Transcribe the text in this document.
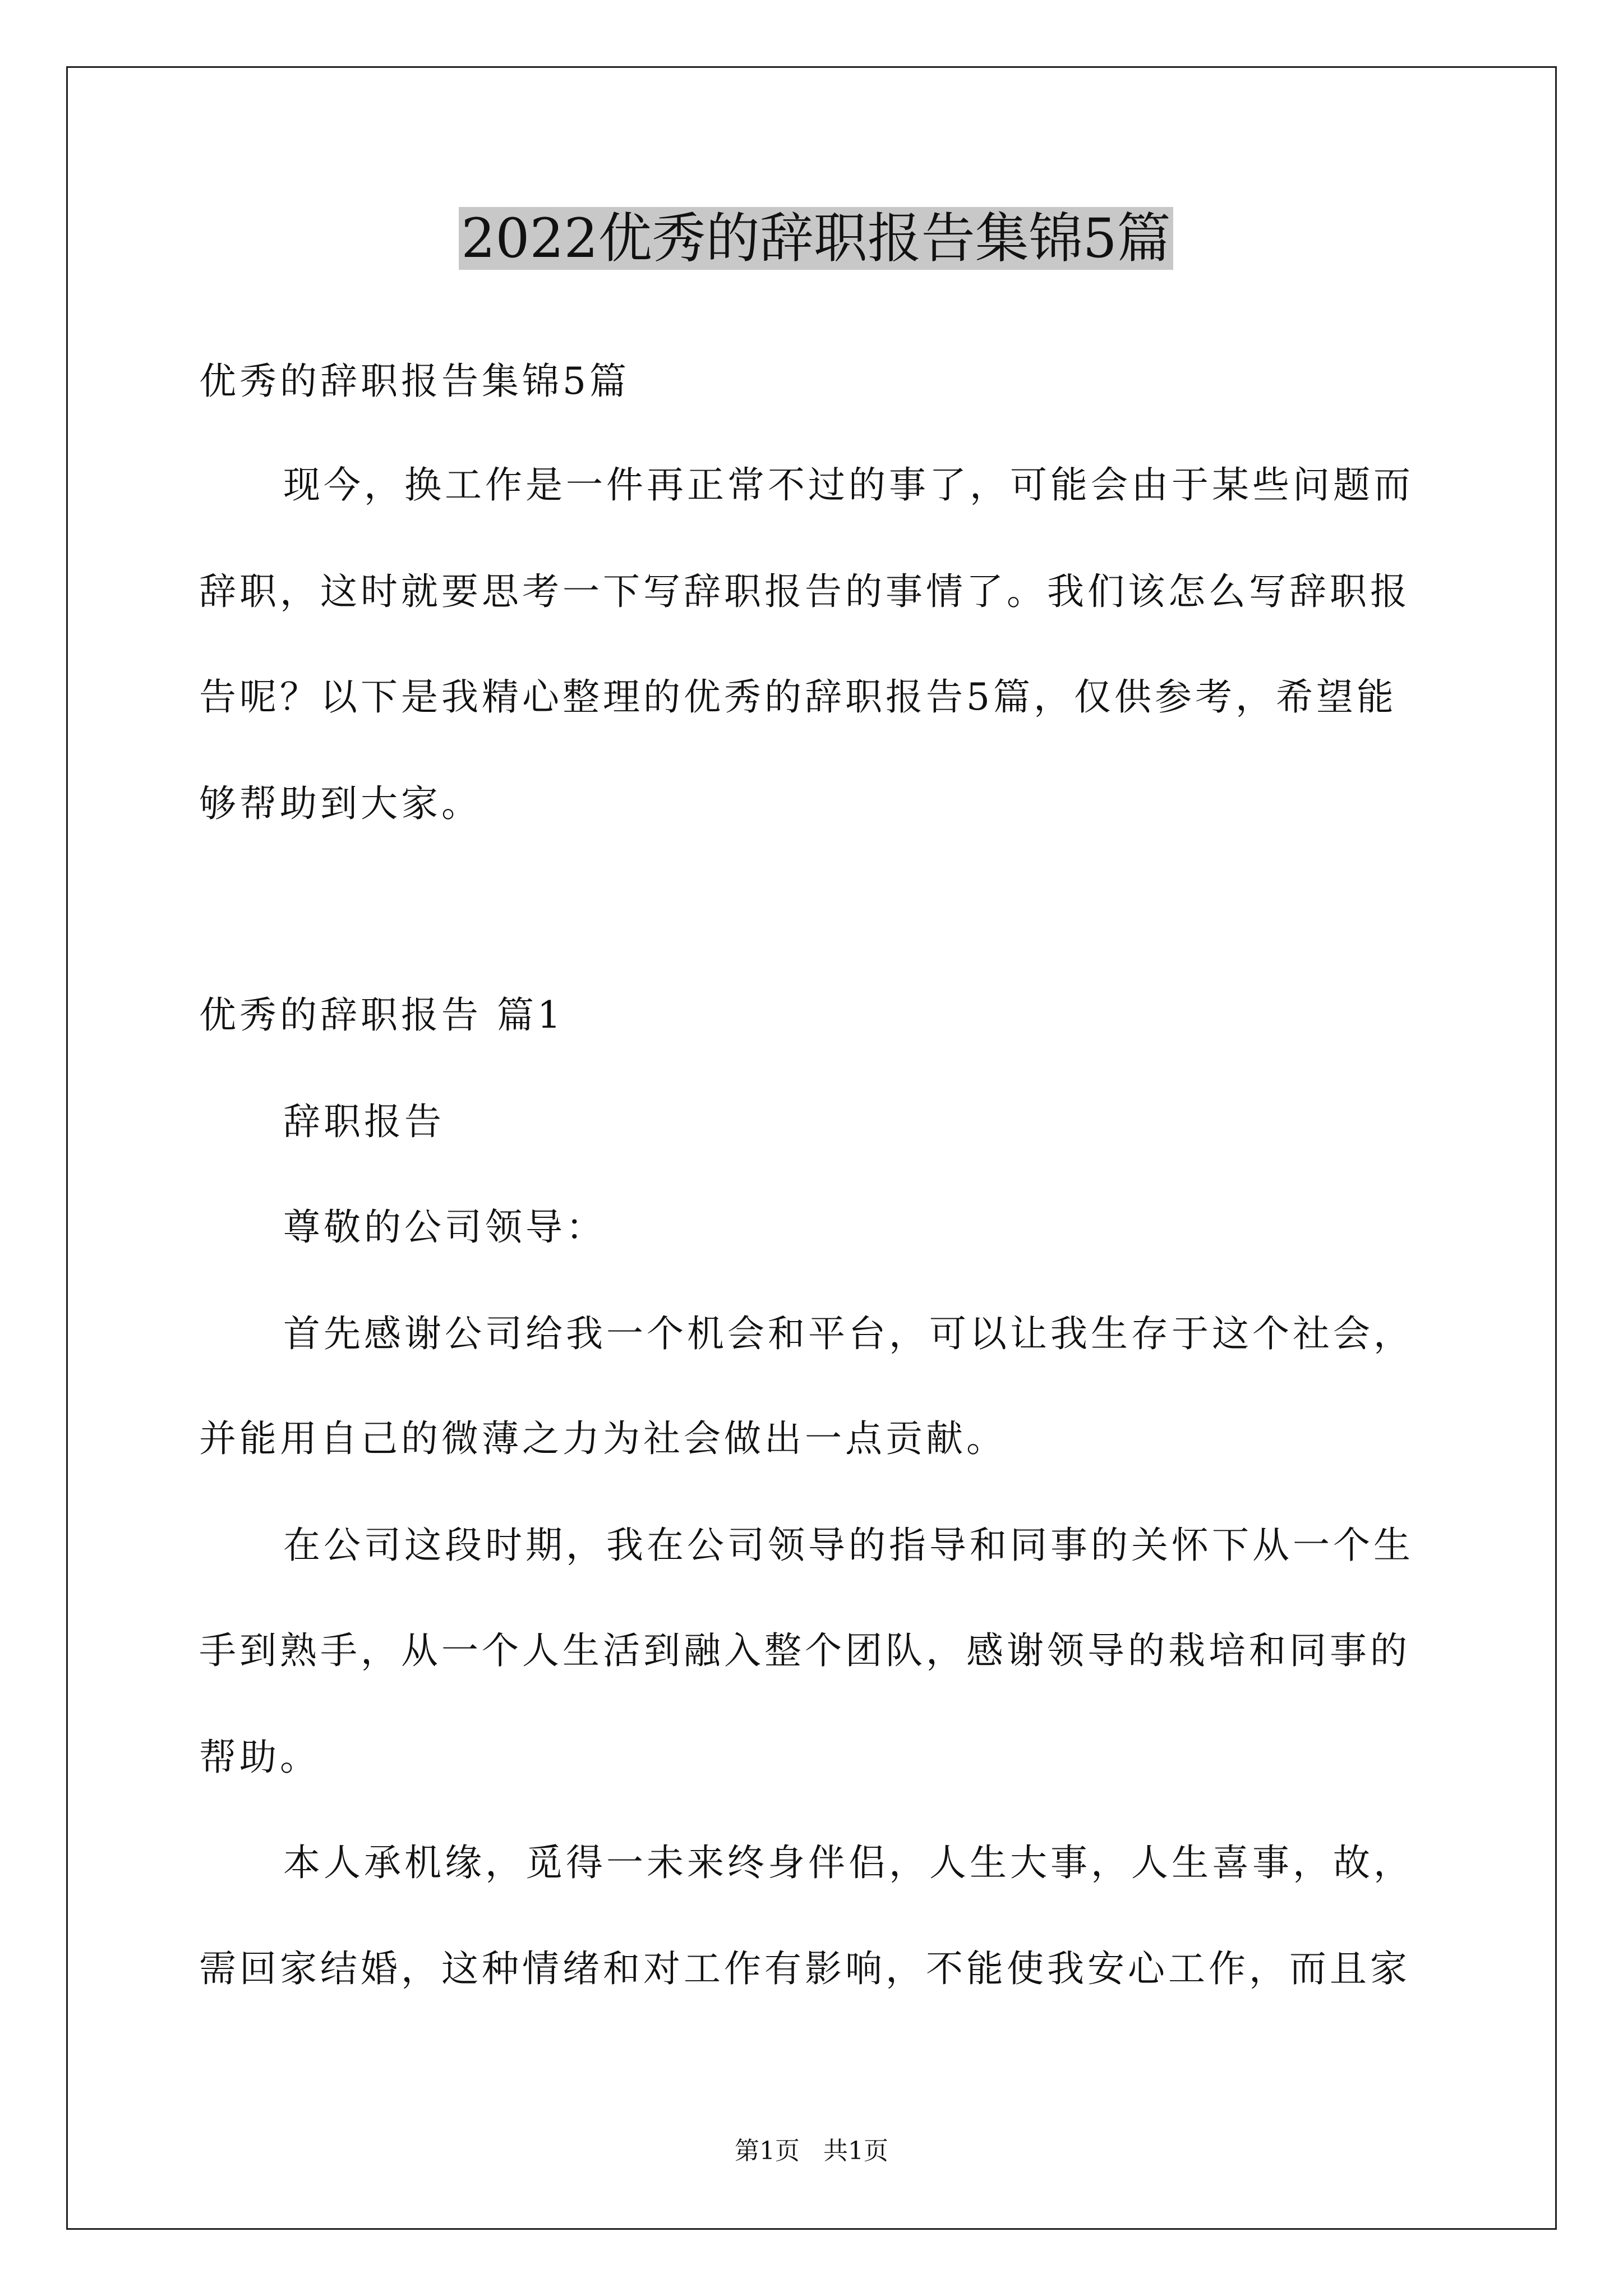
2022优秀的辞职报告集锦5篇
优秀的辞职报告集锦5篇
现今，换工作是一件再正常不过的事了，可能会由于某些问题而
辞职，这时就要思考一下写辞职报告的事情了。我们该怎么写辞职报
告呢？以下是我精心整理的优秀的辞职报告5篇，仅供参考，希望能
够帮助到大家。
优秀的辞职报告 篇1
辞职报告
尊敬的公司领导：
首先感谢公司给我一个机会和平台，可以让我生存于这个社会，
并能用自己的微薄之力为社会做出一点贡献。
在公司这段时期，我在公司领导的指导和同事的关怀下从一个生
手到熟手，从一个人生活到融入整个团队，感谢领导的栽培和同事的
帮助。
本人承机缘，觅得一未来终身伴侣，人生大事，人生喜事，故，
需回家结婚，这种情绪和对工作有影响，不能使我安心工作，而且家
第1页   共1页
